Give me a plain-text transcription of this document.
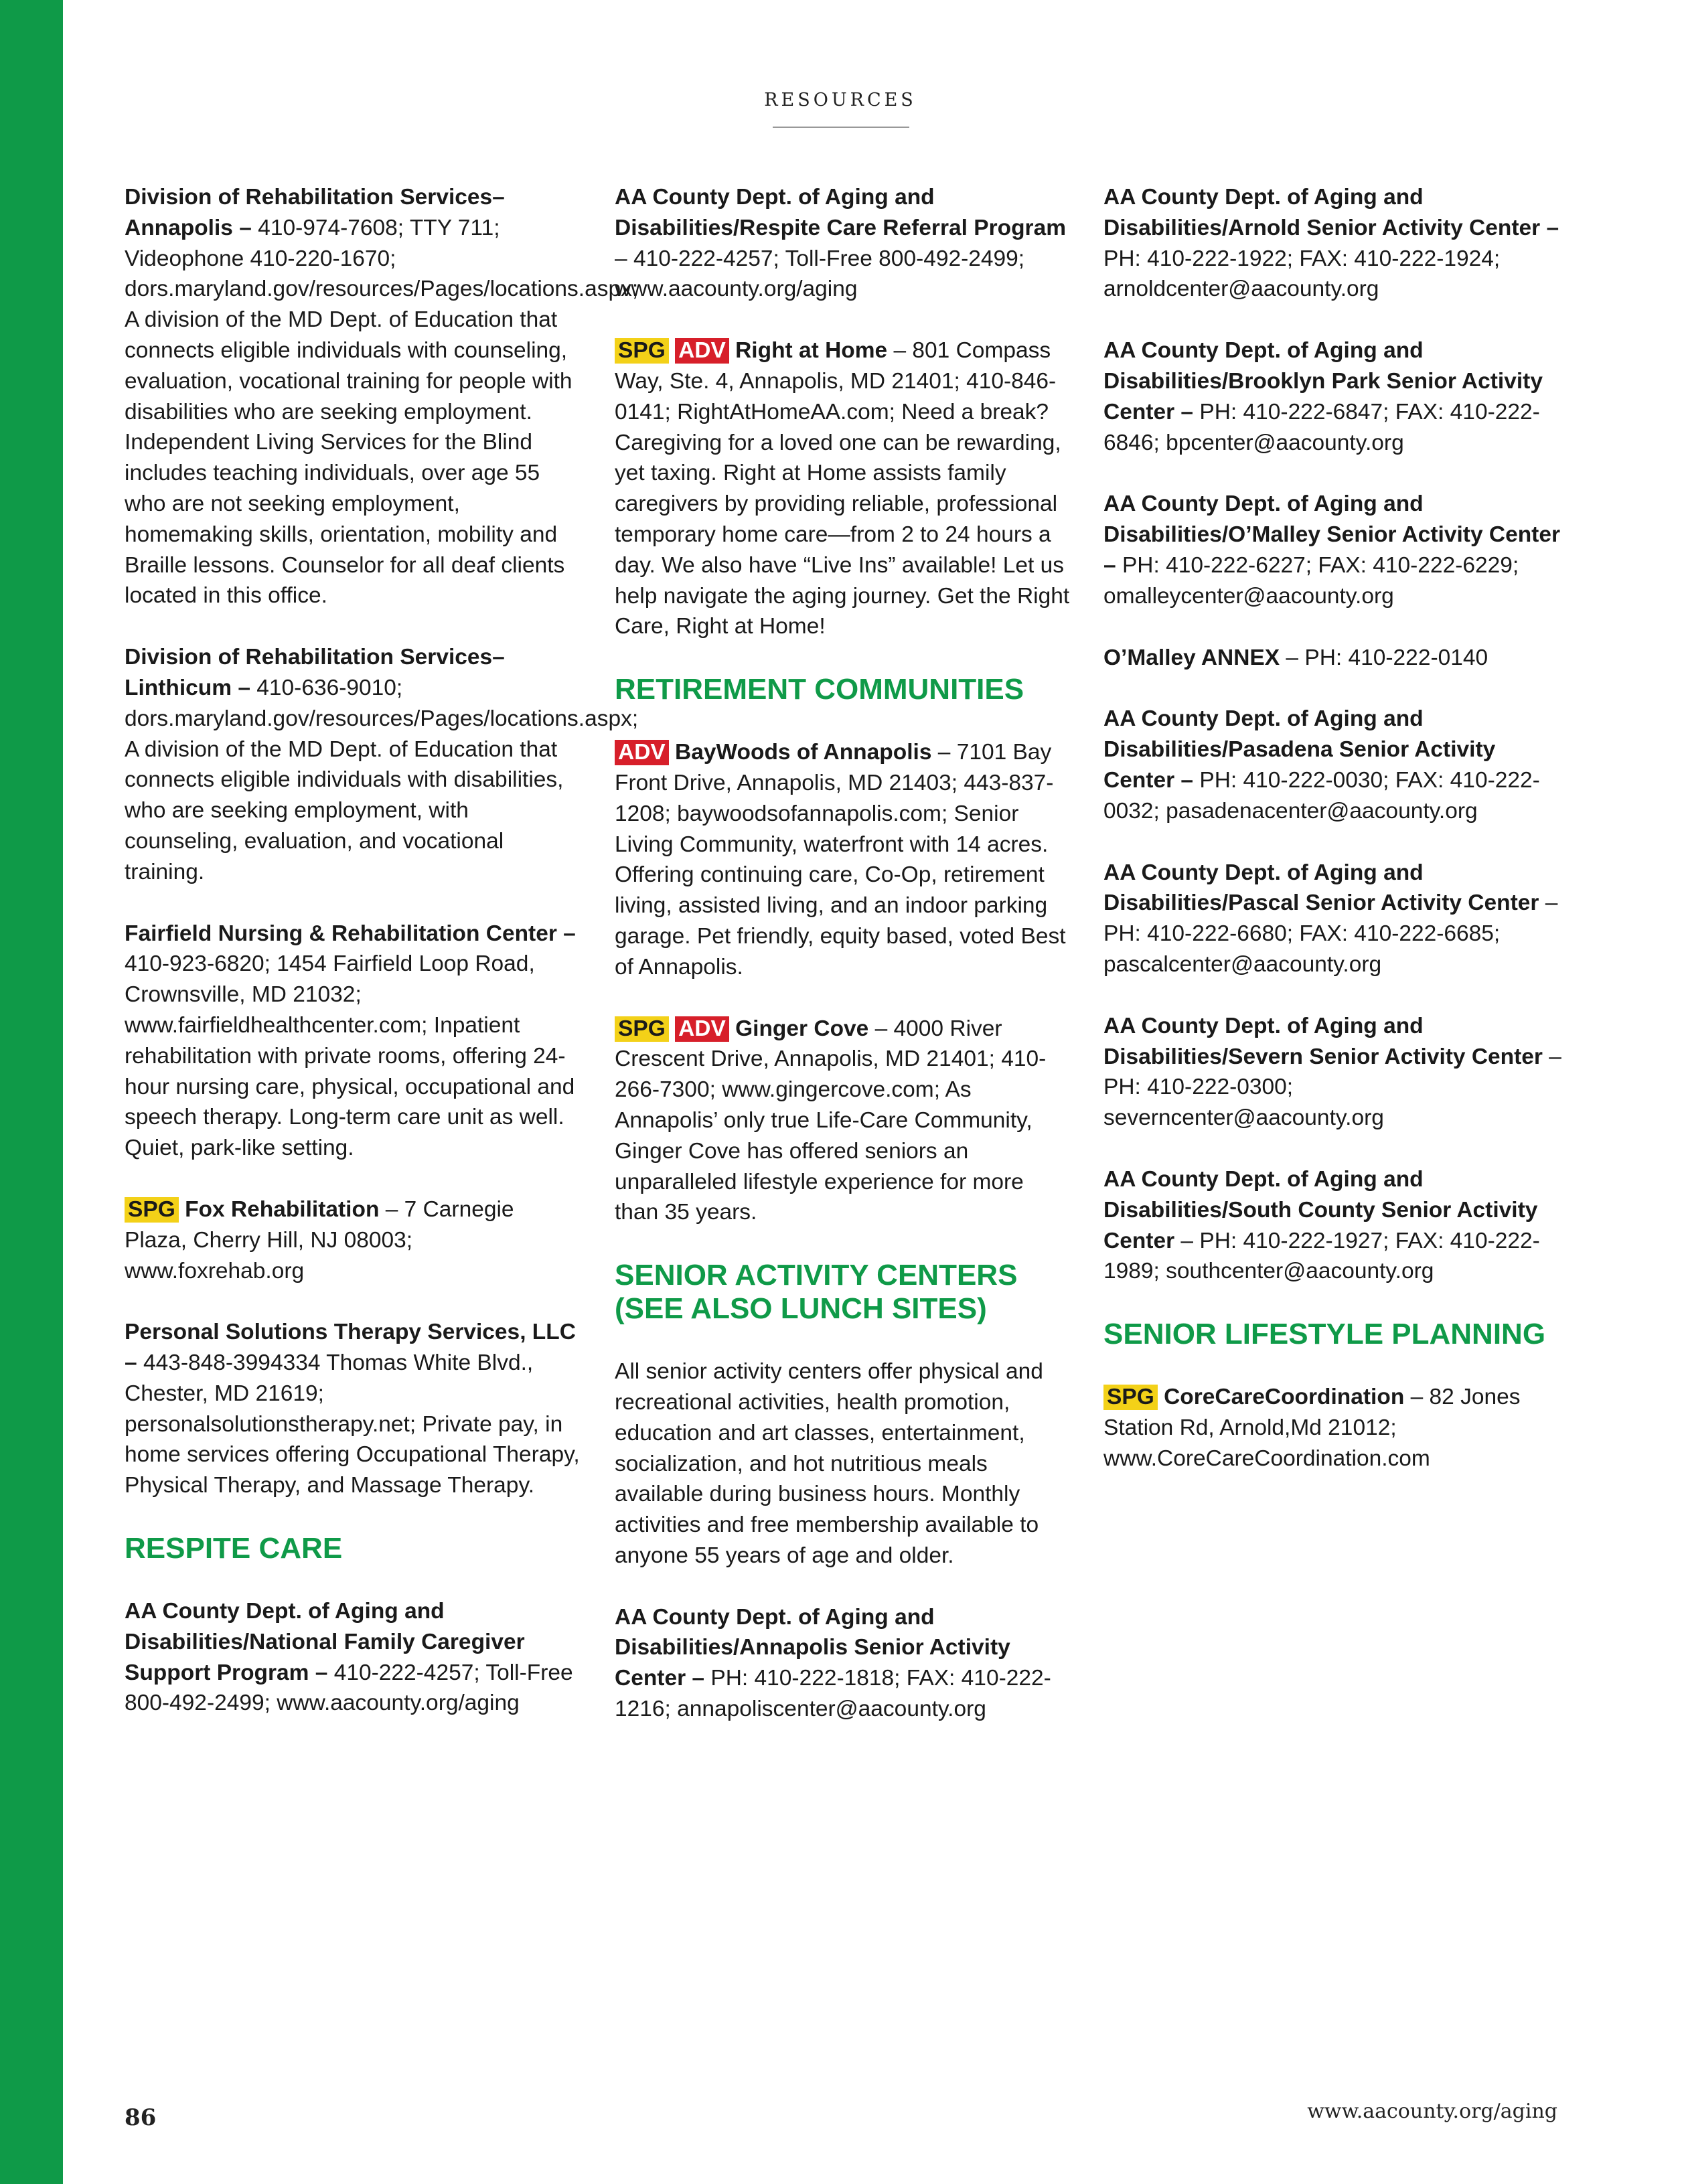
RESOURCES

Division of Rehabilitation Services–Annapolis – 410-974-7608; TTY 711; Videophone 410-220-1670; dors.maryland.gov/resources/Pages/locations.aspx; A division of the MD Dept. of Education that connects eligible individuals with counseling, evaluation, vocational training for people with disabilities who are seeking employment. Independent Living Services for the Blind includes teaching individuals, over age 55 who are not seeking employment, homemaking skills, orientation, mobility and Braille lessons. Counselor for all deaf clients located in this office.

Division of Rehabilitation Services–Linthicum – 410-636-9010; dors.maryland.gov/resources/Pages/locations.aspx; A division of the MD Dept. of Education that connects eligible individuals with disabilities, who are seeking employment, with counseling, evaluation, and vocational training.

Fairfield Nursing & Rehabilitation Center – 410-923-6820; 1454 Fairfield Loop Road, Crownsville, MD 21032; www.fairfieldhealthcenter.com; Inpatient rehabilitation with private rooms, offering 24-hour nursing care, physical, occupational and speech therapy. Long-term care unit as well. Quiet, park-like setting.

SPG Fox Rehabilitation – 7 Carnegie Plaza, Cherry Hill, NJ 08003; www.foxrehab.org

Personal Solutions Therapy Services, LLC – 443-848-3994334 Thomas White Blvd., Chester, MD 21619; personalsolutionstherapy.net; Private pay, in home services offering Occupational Therapy, Physical Therapy, and Massage Therapy.

RESPITE CARE

AA County Dept. of Aging and Disabilities/National Family Caregiver Support Program – 410-222-4257; Toll-Free 800-492-2499; www.aacounty.org/aging

AA County Dept. of Aging and Disabilities/Respite Care Referral Program – 410-222-4257; Toll-Free 800-492-2499; www.aacounty.org/aging

SPG ADV Right at Home – 801 Compass Way, Ste. 4, Annapolis, MD 21401; 410-846-0141; RightAtHomeAA.com; Need a break? Caregiving for a loved one can be rewarding, yet taxing. Right at Home assists family caregivers by providing reliable, professional temporary home care—from 2 to 24 hours a day. We also have “Live Ins” available! Let us help navigate the aging journey. Get the Right Care, Right at Home!

RETIREMENT COMMUNITIES

ADV BayWoods of Annapolis – 7101 Bay Front Drive, Annapolis, MD 21403; 443-837-1208; baywoodsofannapolis.com; Senior Living Community, waterfront with 14 acres. Offering continuing care, Co-Op, retirement living, assisted living, and an indoor parking garage. Pet friendly, equity based, voted Best of Annapolis.

SPG ADV Ginger Cove – 4000 River Crescent Drive, Annapolis, MD 21401; 410-266-7300; www.gingercove.com; As Annapolis’ only true Life-Care Community, Ginger Cove has offered seniors an unparalleled lifestyle experience for more than 35 years.

SENIOR ACTIVITY CENTERS (SEE ALSO LUNCH SITES)

All senior activity centers offer physical and recreational activities, health promotion, education and art classes, entertainment, socialization, and hot nutritious meals available during business hours. Monthly activities and free membership available to anyone 55 years of age and older.

AA County Dept. of Aging and Disabilities/Annapolis Senior Activity Center – PH: 410-222-1818; FAX: 410-222-1216; annapoliscenter@aacounty.org

AA County Dept. of Aging and Disabilities/Arnold Senior Activity Center – PH: 410-222-1922; FAX: 410-222-1924; arnoldcenter@aacounty.org

AA County Dept. of Aging and Disabilities/Brooklyn Park Senior Activity Center – PH: 410-222-6847; FAX: 410-222-6846; bpcenter@aacounty.org

AA County Dept. of Aging and Disabilities/O’Malley Senior Activity Center – PH: 410-222-6227; FAX: 410-222-6229; omalleycenter@aacounty.org

O’Malley ANNEX – PH: 410-222-0140

AA County Dept. of Aging and Disabilities/Pasadena Senior Activity Center – PH: 410-222-0030; FAX: 410-222-0032; pasadenacenter@aacounty.org

AA County Dept. of Aging and Disabilities/Pascal Senior Activity Center – PH: 410-222-6680; FAX: 410-222-6685; pascalcenter@aacounty.org

AA County Dept. of Aging and Disabilities/Severn Senior Activity Center – PH: 410-222-0300; severncenter@aacounty.org

AA County Dept. of Aging and Disabilities/South County Senior Activity Center – PH: 410-222-1927; FAX: 410-222-1989; southcenter@aacounty.org

SENIOR LIFESTYLE PLANNING

SPG CoreCareCoordination – 82 Jones Station Rd, Arnold,Md 21012; www.CoreCareCoordination.com

86	www.aacounty.org/aging
